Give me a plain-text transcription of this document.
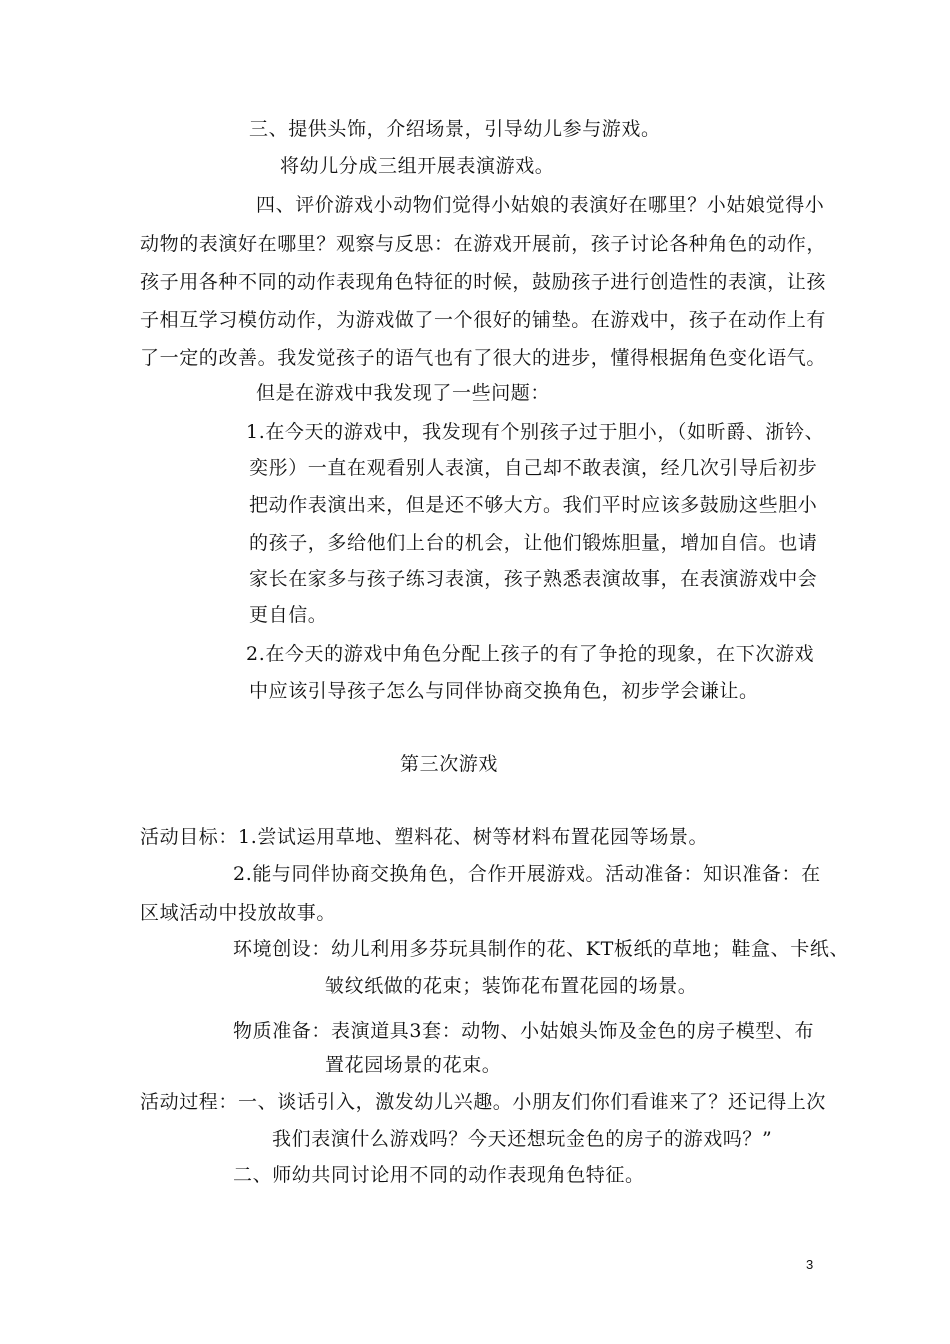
三、提供头饰，介绍场景，引导幼儿参与游戏。
将幼儿分成三组开展表演游戏。
四、评价游戏小动物们觉得小姑娘的表演好在哪里？小姑娘觉得小
动物的表演好在哪里？观察与反思：在游戏开展前，孩子讨论各种角色的动作，
孩子用各种不同的动作表现角色特征的时候，鼓励孩子进行创造性的表演，让孩
子相互学习模仿动作，为游戏做了一个很好的铺垫。在游戏中，孩子在动作上有
了一定的改善。我发觉孩子的语气也有了很大的进步，懂得根据角色变化语气。
但是在游戏中我发现了一些问题：
1.在今天的游戏中，我发现有个别孩子过于胆小，（如昕爵、浙钤、
奕彤）一直在观看别人表演，自己却不敢表演，经几次引导后初步
把动作表演出来，但是还不够大方。我们平时应该多鼓励这些胆小
的孩子，多给他们上台的机会，让他们锻炼胆量，增加自信。也请
家长在家多与孩子练习表演，孩子熟悉表演故事，在表演游戏中会
更自信。
2.在今天的游戏中角色分配上孩子的有了争抢的现象，在下次游戏
中应该引导孩子怎么与同伴协商交换角色，初步学会谦让。
第三次游戏
活动目标：1.尝试运用草地、塑料花、树等材料布置花园等场景。
2.能与同伴协商交换角色，合作开展游戏。活动准备：知识准备：在
区域活动中投放故事。
环境创设：幼儿利用多芬玩具制作的花、KT板纸的草地；鞋盒、卡纸、
皱纹纸做的花束；装饰花布置花园的场景。
物质准备：表演道具3套：动物、小姑娘头饰及金色的房子模型、布
置花园场景的花束。
活动过程：一、谈话引入，激发幼儿兴趣。小朋友们你们看谁来了？还记得上次
我们表演什么游戏吗？今天还想玩金色的房子的游戏吗？”
二、师幼共同讨论用不同的动作表现角色特征。
3
